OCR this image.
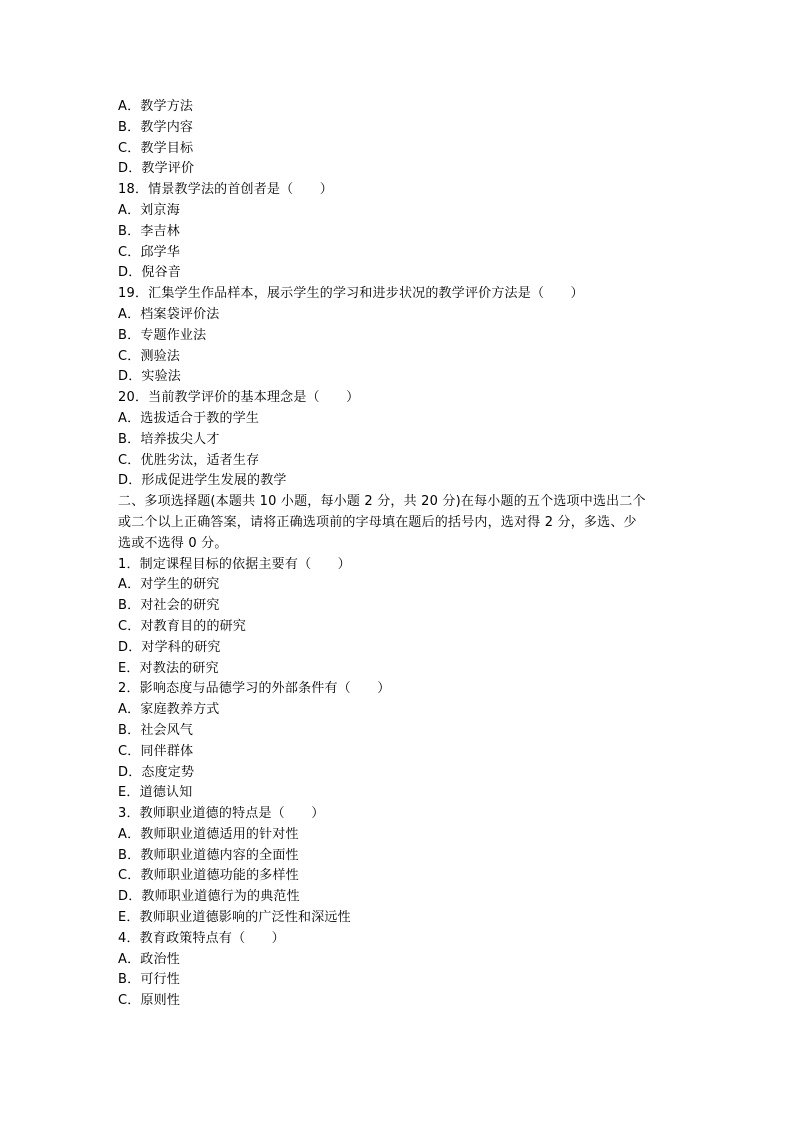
A．教学方法
B．教学内容
C．教学目标
D．教学评价
18．情景教学法的首创者是（　　）
A．刘京海
B．李吉林
C．邱学华
D．倪谷音
19．汇集学生作品样本，展示学生的学习和进步状况的教学评价方法是（　　）
A．档案袋评价法
B．专题作业法
C．测验法
D．实验法
20．当前教学评价的基本理念是（　　）
A．选拔适合于教的学生
B．培养拔尖人才
C．优胜劣汰，适者生存
D．形成促进学生发展的教学
二、多项选择题(本题共 10 小题，每小题 2 分，共 20 分)在每小题的五个选项中选出二个
或二个以上正确答案，请将正确选项前的字母填在题后的括号内，选对得 2 分，多选、少
选或不选得 0 分。
1．制定课程目标的依据主要有（　　）
A．对学生的研究
B．对社会的研究
C．对教育目的的研究
D．对学科的研究
E．对教法的研究
2．影响态度与品德学习的外部条件有（　　）
A．家庭教养方式
B．社会风气
C．同伴群体
D．态度定势
E．道德认知
3．教师职业道德的特点是（　　）
A．教师职业道德适用的针对性
B．教师职业道德内容的全面性
C．教师职业道德功能的多样性
D．教师职业道德行为的典范性
E．教师职业道德影响的广泛性和深远性
4．教育政策特点有（　　）
A．政治性
B．可行性
C．原则性
